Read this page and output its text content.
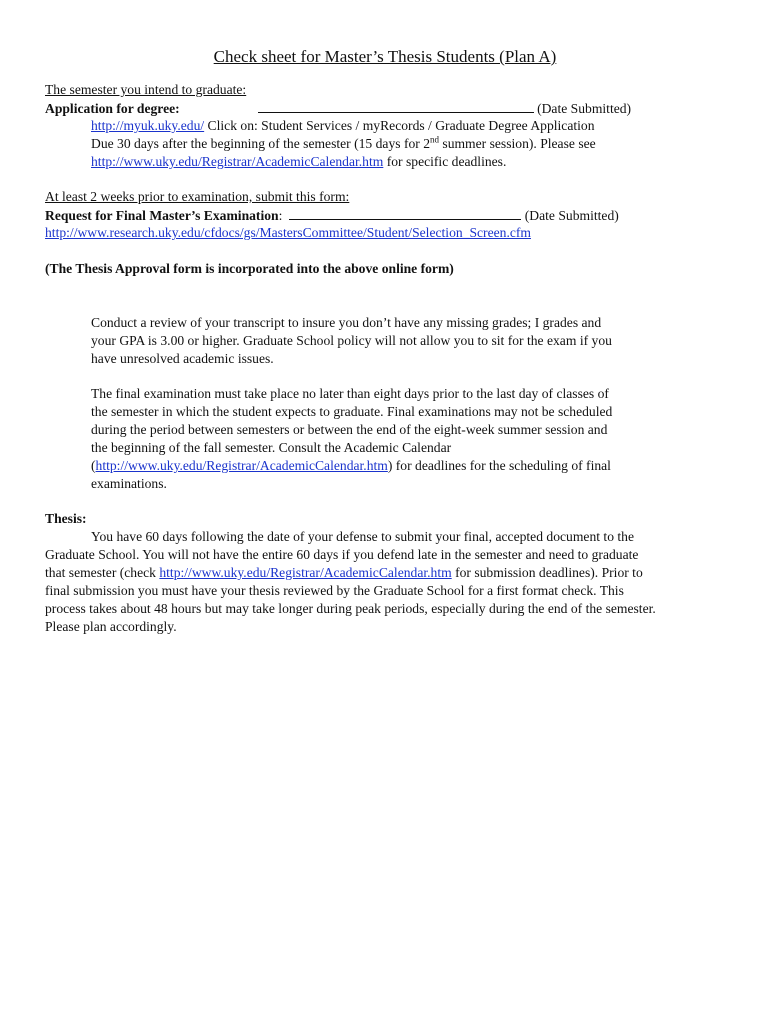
Check sheet for Master’s Thesis Students (Plan A)
The semester you intend to graduate:
Application for degree:	(Date Submitted)
http://myuk.uky.edu/ Click on: Student Services / myRecords / Graduate Degree Application
Due 30 days after the beginning of the semester (15 days for 2nd summer session). Please see
http://www.uky.edu/Registrar/AcademicCalendar.htm for specific deadlines.
At least 2 weeks prior to examination, submit this form:
Request for Final Master’s Examination:	(Date Submitted)
http://www.research.uky.edu/cfdocs/gs/MastersCommittee/Student/Selection_Screen.cfm
(The Thesis Approval form is incorporated into the above online form)
Conduct a review of your transcript to insure you don’t have any missing grades; I grades and
your GPA is 3.00 or higher. Graduate School policy will not allow you to sit for the exam if you
have unresolved academic issues.
The final examination must take place no later than eight days prior to the last day of classes of
the semester in which the student expects to graduate. Final examinations may not be scheduled
during the period between semesters or between the end of the eight-week summer session and
the beginning of the fall semester. Consult the Academic Calendar
(http://www.uky.edu/Registrar/AcademicCalendar.htm) for deadlines for the scheduling of final
examinations.
Thesis:
You have 60 days following the date of your defense to submit your final, accepted document to the
Graduate School. You will not have the entire 60 days if you defend late in the semester and need to graduate
that semester (check http://www.uky.edu/Registrar/AcademicCalendar.htm for submission deadlines). Prior to
final submission you must have your thesis reviewed by the Graduate School for a first format check. This
process takes about 48 hours but may take longer during peak periods, especially during the end of the semester.
Please plan accordingly.
